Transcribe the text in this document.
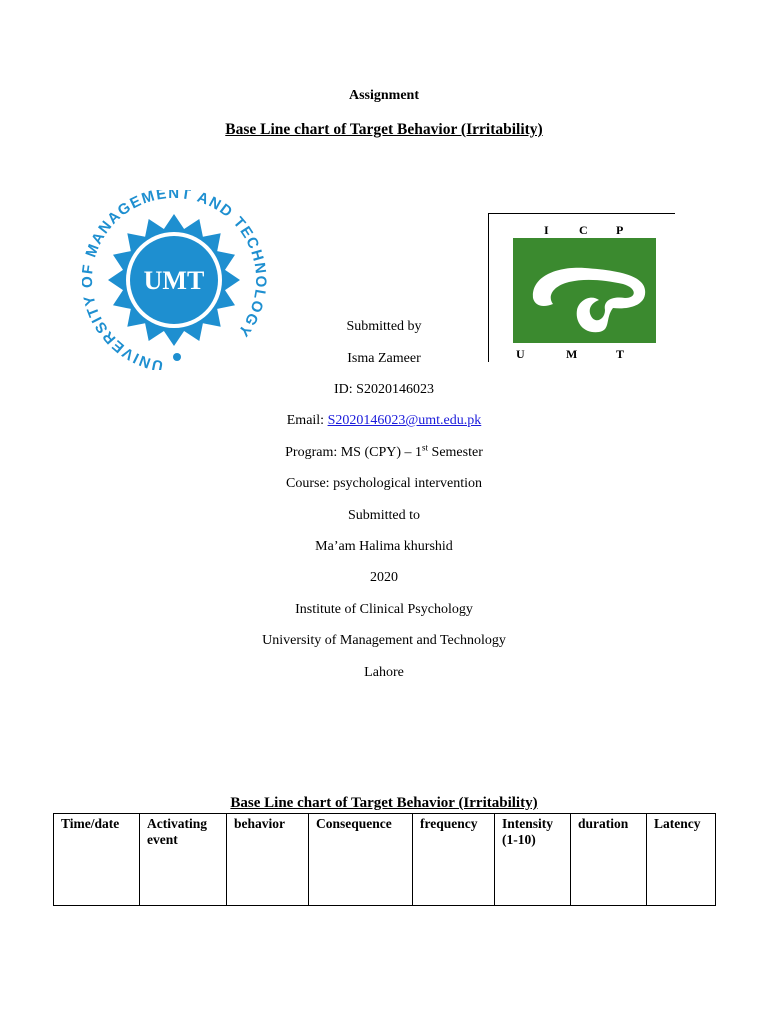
Assignment
Base Line chart of Target Behavior (Irritability)
UNIVERSITY MANAGEMENT AND TECHNOLOGY
UMT
I	C P
U	M	T
Submitted by
Isma Zameer
ID: S2020146023
Email: S2020146023@umt.edu.pk
Program: MS (CPY) – 1st Semester
Course: psychological intervention
Submitted to
Ma’am Halima khurshid
2020
Institute of Clinical Psychology
University of Management and Technology
Lahore
Base Line chart of Target Behavior (Irritability)
Time/date	Activating event	behavior	Consequence	frequency	Intensity (1-10)	duration	Latency
